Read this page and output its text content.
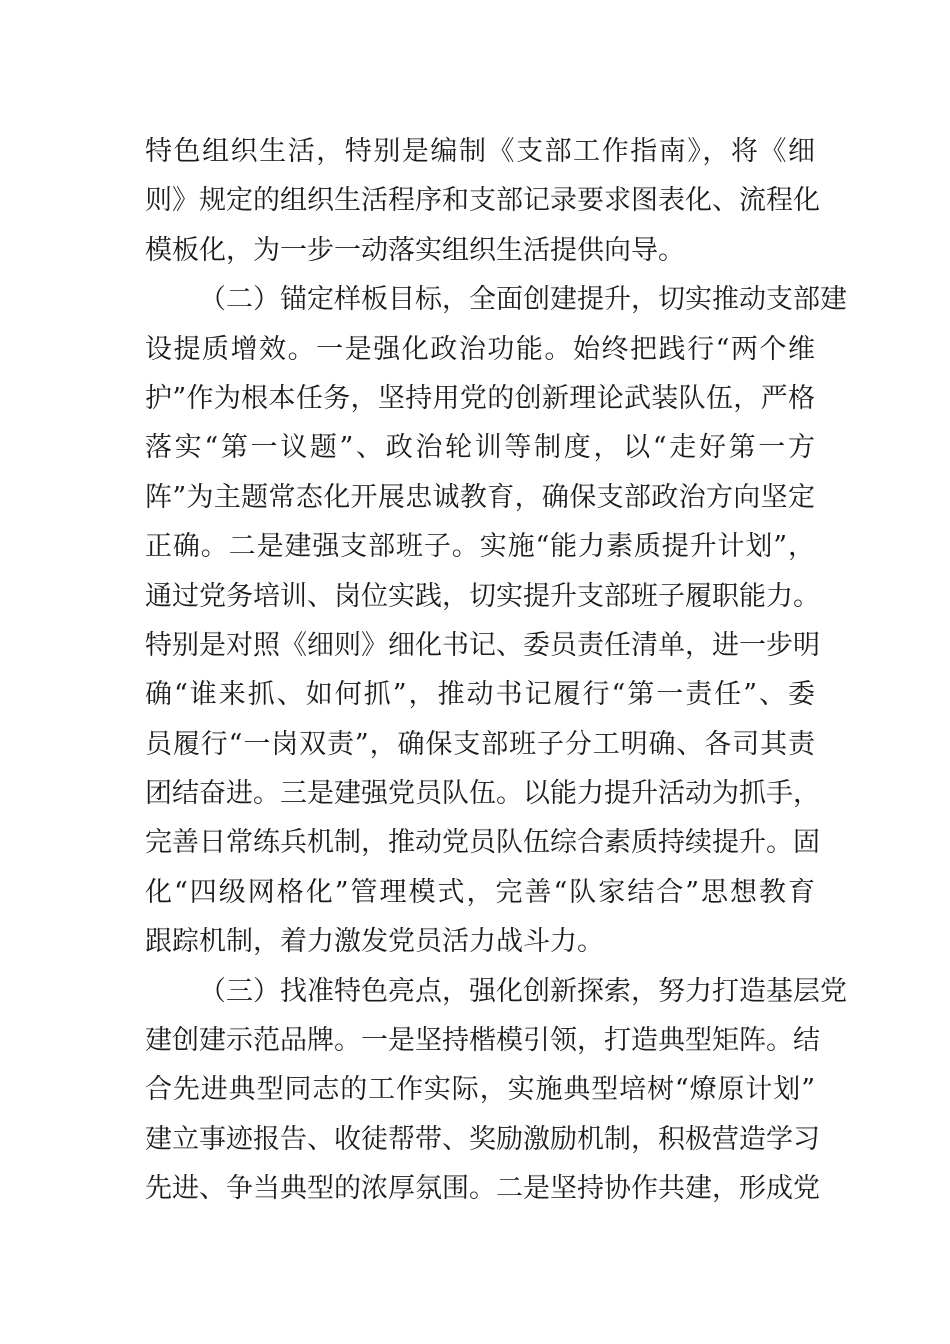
特色组织生活，特别是编制《支部工作指南》，将《细
则》规定的组织生活程序和支部记录要求图表化、流程化
模板化，为一步一动落实组织生活提供向导。
（二）锚定样板目标，全面创建提升，切实推动支部建
设提质增效。一是强化政治功能。始终把践行“两个维
护”作为根本任务，坚持用党的创新理论武装队伍，严格
落实“第一议题”、政治轮训等制度，以“走好第一方
阵”为主题常态化开展忠诚教育，确保支部政治方向坚定
正确。二是建强支部班子。实施“能力素质提升计划”，
通过党务培训、岗位实践，切实提升支部班子履职能力。
特别是对照《细则》细化书记、委员责任清单，进一步明
确“谁来抓、如何抓”，推动书记履行“第一责任”、委
员履行“一岗双责”，确保支部班子分工明确、各司其责
团结奋进。三是建强党员队伍。以能力提升活动为抓手，
完善日常练兵机制，推动党员队伍综合素质持续提升。固
化“四级网格化”管理模式，完善“队家结合”思想教育
跟踪机制，着力激发党员活力战斗力。
（三）找准特色亮点，强化创新探索，努力打造基层党
建创建示范品牌。一是坚持楷模引领，打造典型矩阵。结
合先进典型同志的工作实际，实施典型培树“燎原计划”
建立事迹报告、收徒帮带、奖励激励机制，积极营造学习
先进、争当典型的浓厚氛围。二是坚持协作共建，形成党
